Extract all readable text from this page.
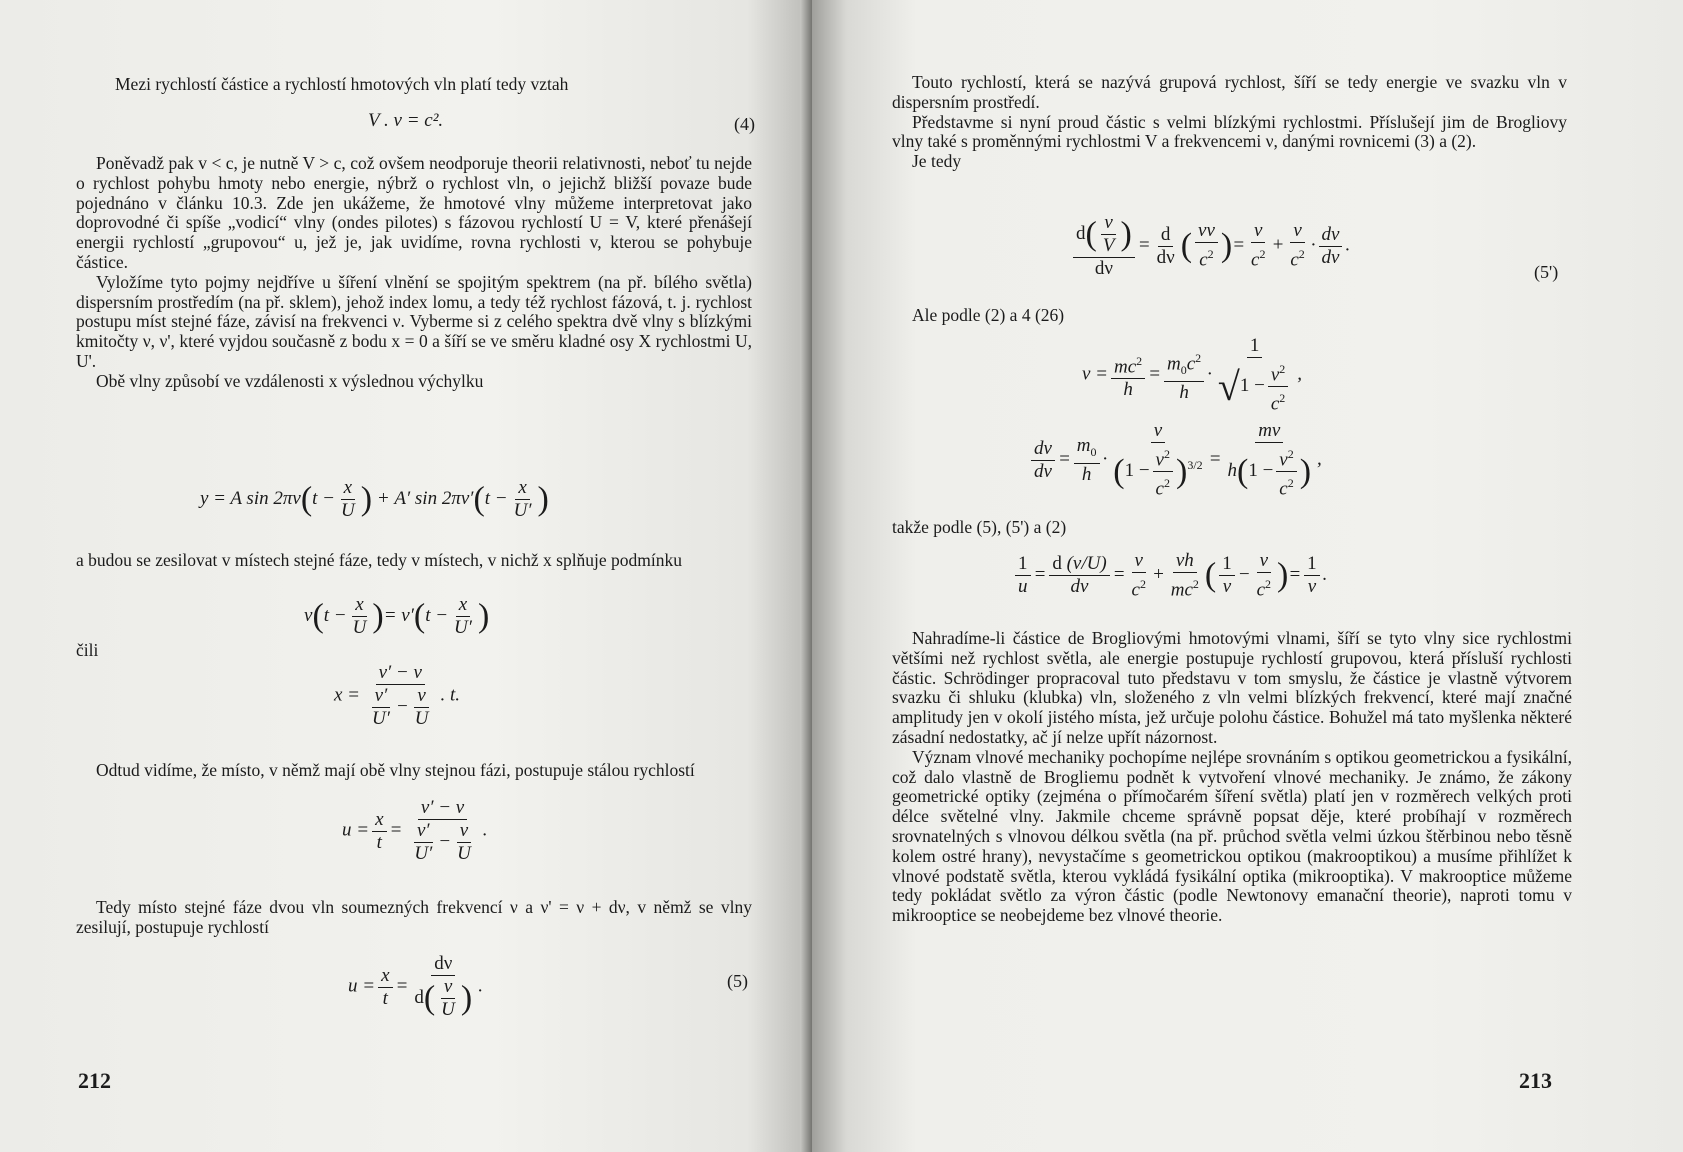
Mezi rychlostí částice a rychlostí hmotových vln platí tedy vztah

V . v = c².	(4)

Poněvadž pak v < c, je nutně V > c, což ovšem neodporuje theorii relativnosti, neboť tu nejde o rychlost pohybu hmoty nebo energie, nýbrž o rychlost vln, o jejichž bližší povaze bude pojednáno v článku 10.3. Zde jen ukážeme, že hmotové vlny můžeme interpretovat jako doprovodné či spíše „vodicí“ vlny (ondes pilotes) s fázovou rychlostí U = V, které přenášejí energii rychlostí „grupovou“ u, jež je, jak uvidíme, rovna rychlosti v, kterou se pohybuje částice.

Vyložíme tyto pojmy nejdříve u šíření vlnění se spojitým spektrem (na př. bílého světla) dispersním prostředím (na př. sklem), jehož index lomu, a tedy též rychlost fázová, t. j. rychlost postupu míst stejné fáze, závisí na frekvenci ν. Vyberme si z celého spektra dvě vlny s blízkými kmitočty ν, ν', které vyjdou současně z bodu x = 0 a šíří se ve směru kladné osy X rychlostmi U, U'.

Obě vlny způsobí ve vzdálenosti x výslednou výchylku

y = A $\sin 2\pi\nu(t - \frac{x}{U}$ ) + A′ $\sin 2\pi\nu'(t - \frac{x}{U'}$ )

a budou se zesilovat v místech stejné fáze, tedy v místech, v nichž x splňuje podmínku

$\nu(t - \frac{x}{U}$ )= $\nu'(t - \frac{x}{U'}$ )
čili
$x = \frac{\nu' - \nu}{\frac{\nu'}{U'} - \frac{\nu}{U}}$ . t.

Odtud vidíme, že místo, v němž mají obě vlny stejnou fázi, postupuje stálou rychlostí

$u = \frac{x}{t} = \frac{\nu' - \nu}{\frac{\nu'}{U'} - \frac{\nu}{U}}$ .

Tedy místo stejné fáze dvou vln soumezných frekvencí ν a ν' = ν + dν, v němž se vlny zesilují, postupuje rychlostí

$u = \frac{x}{t} = \frac{d\nu}{d( \frac{\nu}{U} )}$ .	(5)
212

Touto rychlostí, která se nazývá grupová rychlost, šíří se tedy energie ve svazku vln v dispersním prostředí.

Představme si nyní proud částic s velmi blízkými rychlostmi. Příslušejí jim de Brogliovy vlny také s proměnnými rychlostmi V a frekvencemi ν, danými rovnicemi (3) a (2).

Je tedy

$\frac{d( \frac{\nu}{V} )}{d\nu} = \frac{d}{d\nu}$ ( $\frac{\nu v}{c^2}$ )= $\frac{v}{c^2} + \frac{\nu}{c^2} \cdot \frac{dv}{d\nu}$ .
(5')
Ale podle (2) a 4 (26)
$\nu = \frac{mc^2}{h} = \frac{m_0c^2}{h} \cdot \frac{1}{√1 - \frac{v^2}{c^2}}$ ,
$\frac{d\nu}{dv} = \frac{m_0}{h} \cdot \frac{v}{(1 - \frac{v^2}{c^2} )^{3/2}} = \frac{mv}{h(1 - \frac{v^2}{c^2} )}$ ,
takže podle (5), (5') a (2)
$\frac{1}{u} = \frac{d (\nu/U)}{d\nu} = \frac{v}{c^2} + \frac{\nu h}{mc^2}$ ( $\frac{1}{v} - \frac{v}{c^2}$ )= $\frac{1}{v}$ .

Nahradíme-li částice de Brogliovými hmotovými vlnami, šíří se tyto vlny sice rychlostmi většími než rychlost světla, ale energie postupuje rychlostí grupovou, která přísluší rychlosti částic. Schrödinger propracoval tuto představu v tom smyslu, že částice je vlastně výtvorem svazku či shluku (klubka) vln, složeného z vln velmi blízkých frekvencí, které mají značné amplitudy jen v okolí jistého místa, jež určuje polohu částice. Bohužel má tato myšlenka některé zásadní nedostatky, ač jí nelze upřít názornost.

Význam vlnové mechaniky pochopíme nejlépe srovnáním s optikou geometrickou a fysikální, což dalo vlastně de Brogliemu podnět k vytvoření vlnové mechaniky. Je známo, že zákony geometrické optiky (zejména o přímočarém šíření světla) platí jen v rozměrech velkých proti délce světelné vlny. Jakmile chceme správně popsat děje, které probíhají v rozměrech srovnatelných s vlnovou délkou světla (na př. průchod světla velmi úzkou štěrbinou nebo těsně kolem ostré hrany), nevystačíme s geometrickou optikou (makrooptikou) a musíme přihlížet k vlnové podstatě světla, kterou vykládá fysikální optika (mikrooptika). V makrooptice můžeme tedy pokládat světlo za výron částic (podle Newtonovy emanační theorie), naproti tomu v mikrooptice se neobejdeme bez vlnové theorie.

213
